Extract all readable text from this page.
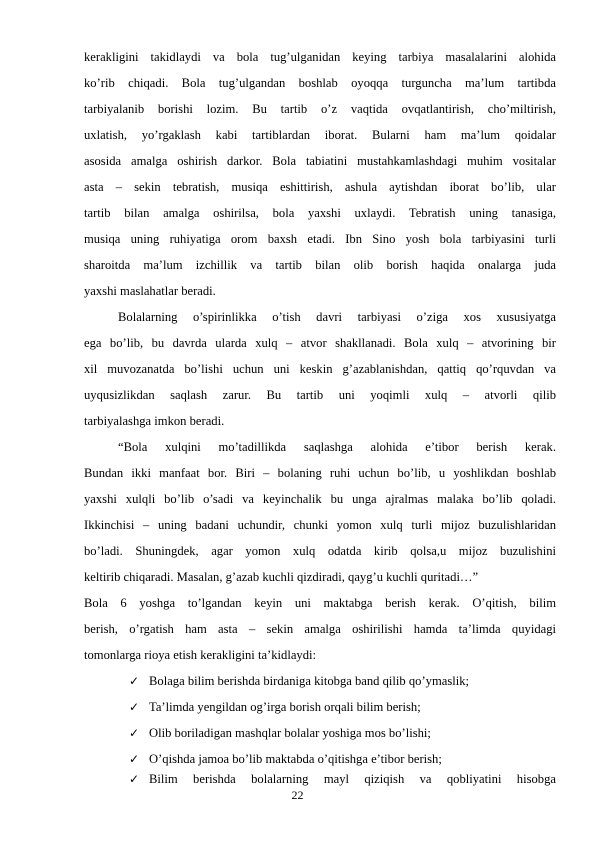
kerakligini takidlaydi va bola tug’ulganidan keying tarbiya masalalarini alohida
ko’rib chiqadi. Bola tug’ulgandan boshlab oyoqqa turguncha ma’lum tartibda
tarbiyalanib borishi lozim. Bu tartib o’z vaqtida ovqatlantirish, cho’miltirish,
uxlatish, yo’rgaklash kabi tartiblardan iborat. Bularni ham ma’lum qoidalar
asosida amalga oshirish darkor. Bola tabiatini mustahkamlashdagi muhim vositalar
asta – sekin tebratish, musiqa eshittirish, ashula aytishdan iborat bo’lib, ular
tartib bilan amalga oshirilsa, bola yaxshi uxlaydi. Tebratish uning tanasiga,
musiqa uning ruhiyatiga orom baxsh etadi. Ibn Sino yosh bola tarbiyasini turli
sharoitda ma’lum izchillik va tartib bilan olib borish haqida onalarga juda
yaxshi maslahatlar beradi.
Bolalarning o’spirinlikka o’tish davri tarbiyasi o’ziga xos xususiyatga
ega bo’lib, bu davrda ularda xulq – atvor shakllanadi. Bola xulq – atvorining bir
xil muvozanatda bo’lishi uchun uni keskin g’azablanishdan, qattiq qo’rquvdan va
uyqusizlikdan saqlash zarur. Bu tartib uni yoqimli xulq – atvorli qilib
tarbiyalashga imkon beradi.
“Bola xulqini mo’tadillikda saqlashga alohida e’tibor berish kerak.
Bundan ikki manfaat bor. Biri – bolaning ruhi uchun bo’lib, u yoshlikdan boshlab
yaxshi xulqli bo’lib o’sadi va keyinchalik bu unga ajralmas malaka bo’lib qoladi.
Ikkinchisi – uning badani uchundir, chunki yomon xulq turli mijoz buzulishlaridan
bo’ladi. Shuningdek, agar yomon xulq odatda kirib qolsa,u mijoz buzulishini
keltirib chiqaradi. Masalan, g’azab kuchli qizdiradi, qayg’u kuchli quritadi…”
Bola 6 yoshga to’lgandan keyin uni maktabga berish kerak. O’qitish, bilim
berish, o’rgatish ham asta – sekin amalga oshirilishi hamda ta’limda quyidagi
tomonlarga rioya etish kerakligini ta’kidlaydi:
✓ Bolaga bilim berishda birdaniga kitobga band qilib qo’ymaslik;
✓ Ta’limda yengildan og’irga borish orqali bilim berish;
✓ Olib boriladigan mashqlar bolalar yoshiga mos bo’lishi;
✓ O’qishda jamoa bo’lib maktabda o’qitishga e’tibor berish;
✓ Bilim berishda bolalarning mayl qiziqish va qobliyatini hisobga
22
